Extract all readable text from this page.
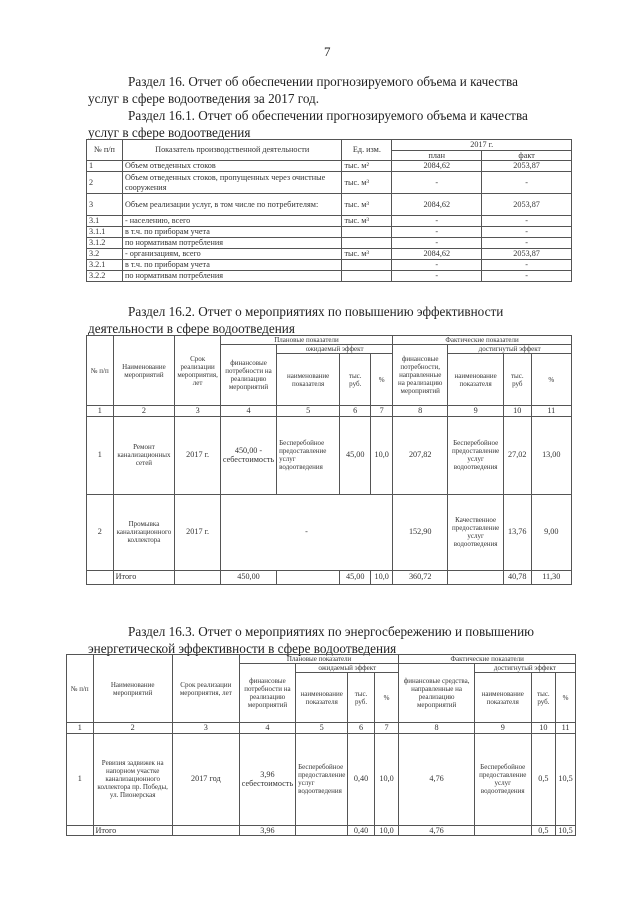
7
Раздел 16. Отчет об обеспечении прогнозируемого объема и качества
услуг в сфере водоотведения за 2017 год.
Раздел 16.1. Отчет об обеспечении прогнозируемого объема и качества
услуг в сфере водоотведения
№ п/п	Показатель производственной деятельности	Ед. изм.	2017 г.	
			план	факт
1	Объем отведенных стоков	тыс. м²	2084,62	2053,87
2	Объем отведенных стоков, пропущенных через очистные сооружения	тыс. м³	-	-
3	Объем реализации услуг, в том числе по потребителям:	тыс. м³	2084,62	2053,87
3.1	- населению, всего	тыс. м³	-	-
3.1.1	в т.ч. по приборам учета		-	-
3.1.2	по нормативам потребления		-	-
3.2	- организациям, всего	тыс. м³	2084,62	2053,87
3.2.1	в т.ч. по приборам учета		-	-
3.2.2	по нормативам потребления		-	-
Раздел 16.2. Отчет о мероприятиях по повышению эффективности
деятельности в сфере водоотведения
№ п/п	Наименование мероприятий	Срок реализации мероприятия, лет	Плановые показатели				Фактические показатели			
			финансовые потребности на реализацию мероприятий	ожидаемый эффект			финансовые потребности, направленные на реализацию мероприятий	достигнутый эффект		
				наименование показателя	тыс. руб.	%		наименование показателя	тыс. руб	%
1	2	3	4	5	6	7	8	9	10	11
1	Ремонт канализационных сетей	2017 г.	450,00 - себестоимость	Бесперебойное предоставление услуг водоотведения	45,00	10,0	207,82	Бесперебойное предоставление услуг водоотведения	27,02	13,00
2	Промывка канализационного коллектора	2017 г.	-				152,90	Качественное предоставление услуг водоотведения	13,76	9,00
	Итого		450,00		45,00	10,0	360,72		40,78	11,30
Раздел 16.3. Отчет о мероприятиях по энергосбережению и повышению
энергетической эффективности в сфере водоотведения
№ п/п	Наименование мероприятий	Срок реализации мероприятия, лет	Плановые показатели				Фактические показатели			
			финансовые потребности на реализацию мероприятий	ожидаемый эффект			финансовые средства, направленные на реализацию мероприятий	достигнутый эффект		
				наименование показателя	тыс. руб.	%		наименование показателя	тыс. руб.	%
1	2	3	4	5	6	7	8	9	10	11
1	Ревизия задвижек на напорном участке канализационного коллектора пр. Победы, ул. Пионерская	2017 год	3,96 себестоимость	Бесперебойное предоставление услуг водоотведения	0,40	10,0	4,76	Бесперебойное предоставление услуг водоотведения	0,5	10,5
	Итого		3,96		0,40	10,0	4,76		0,5	10,5
